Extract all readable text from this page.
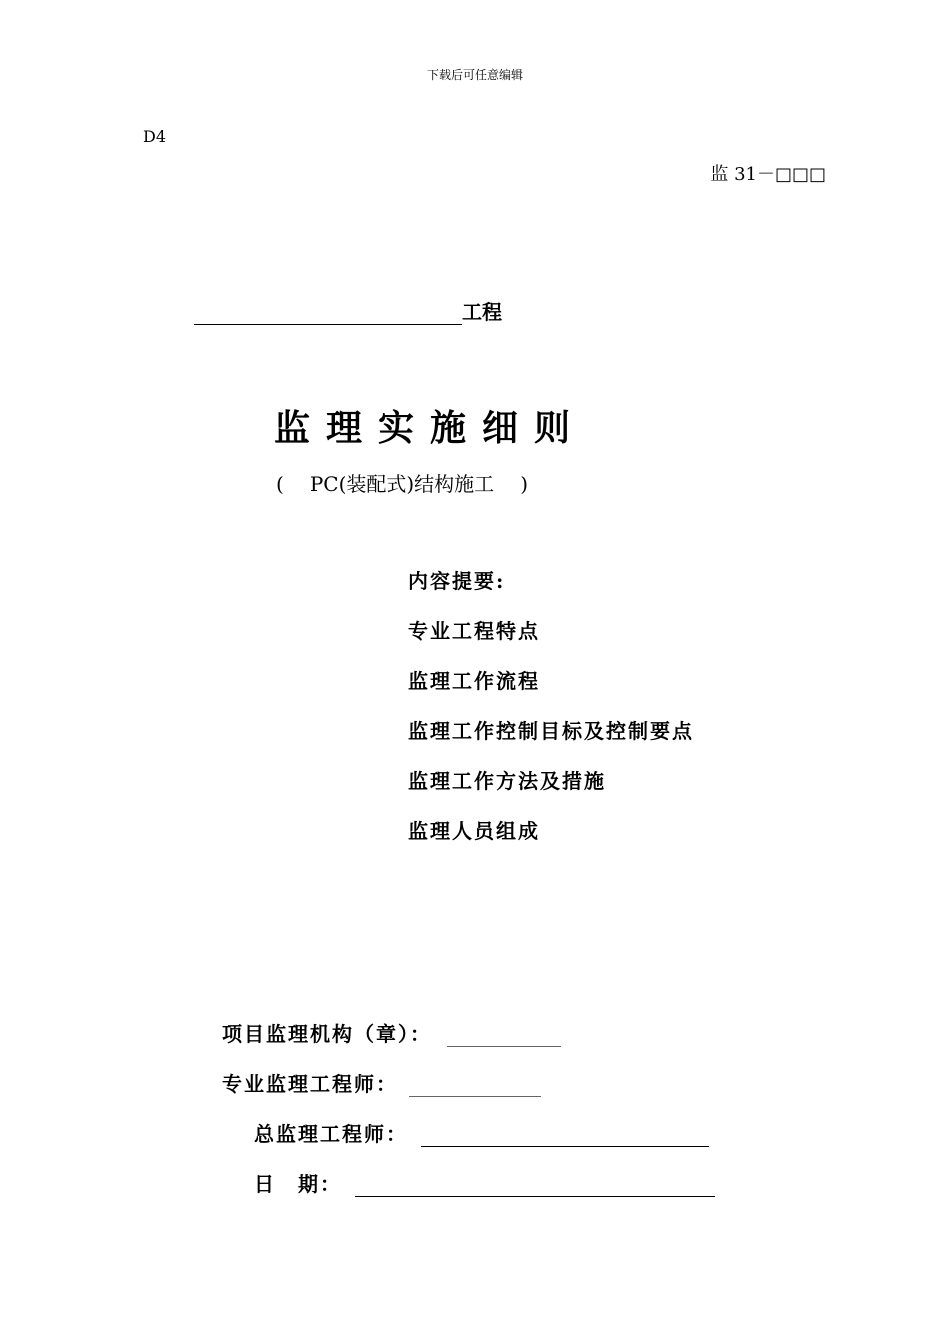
下载后可任意编辑
D4
监 31－□□□
工程
监理实施细则
( PC(装配式)结构施工 )
内容提要:
专业工程特点
监理工作流程
监理工作控制目标及控制要点
监理工作方法及措施
监理人员组成
项目监理机构（章）：
专业监理工程师：
总监理工程师：
日　期：
